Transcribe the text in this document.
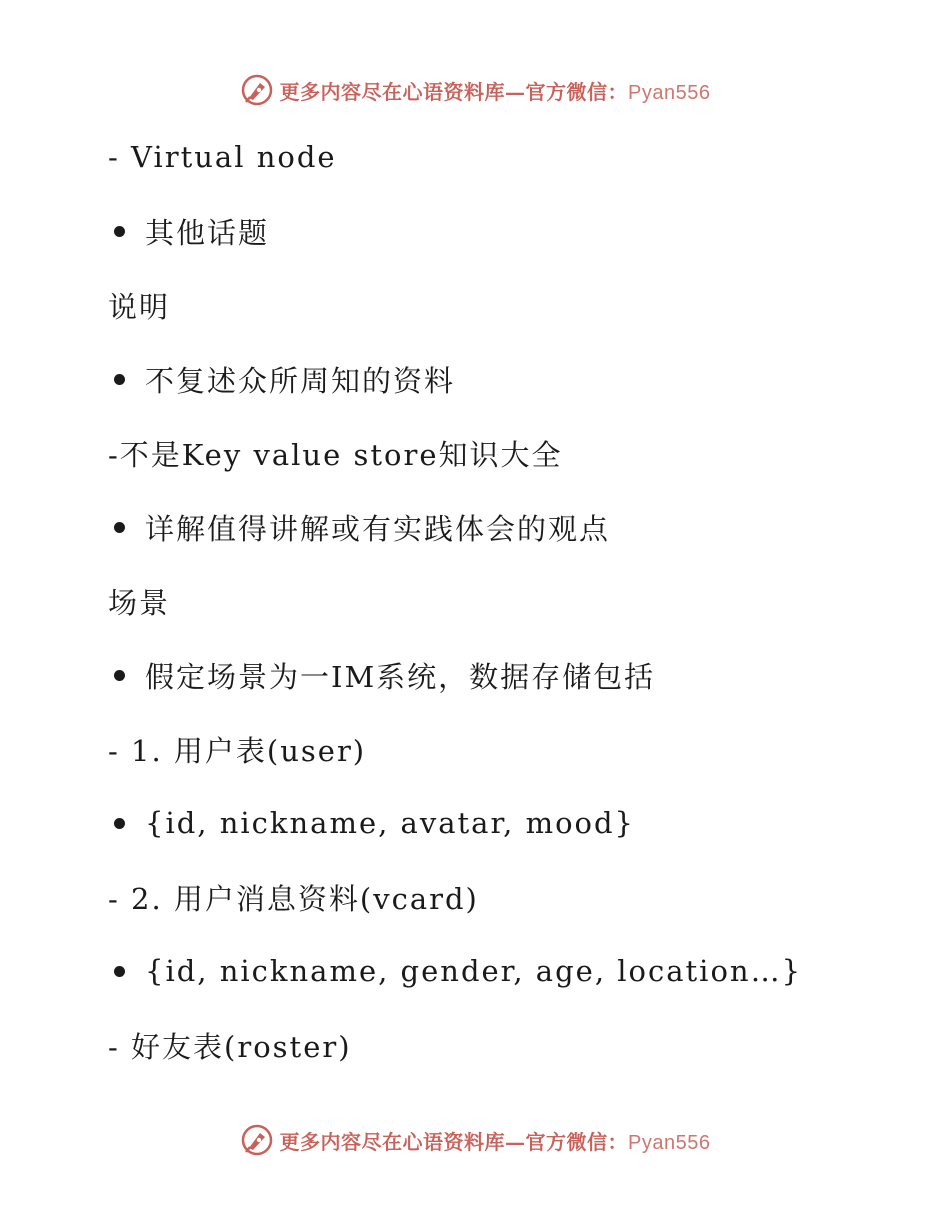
更多内容尽在心语资料库—官方微信：Pyan556
- Virtual node
其他话题
说明
不复述众所周知的资料
-不是Key value store知识大全
详解值得讲解或有实践体会的观点
场景
假定场景为一IM系统，数据存储包括
- 1. 用户表(user)
{id, nickname, avatar, mood}
- 2. 用户消息资料(vcard)
{id, nickname, gender, age, location…}
- 好友表(roster)
更多内容尽在心语资料库—官方微信：Pyan556
